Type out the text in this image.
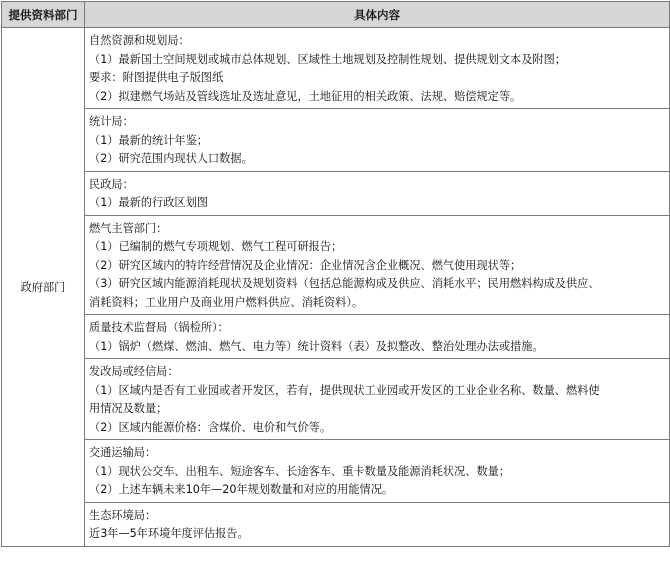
提供资料部门	具体内容
政府部门	自然资源和规划局：
（1）最新国土空间规划或城市总体规划、区域性土地规划及控制性规划、提供规划文本及附图；
要求：附图提供电子版图纸
（2）拟建燃气场站及管线选址及选址意见，土地征用的相关政策、法规、赔偿规定等。

	统计局：
（1）最新的统计年鉴；
（2）研究范围内现状人口数据。

	民政局：
（1）最新的行政区划图

	燃气主管部门：
（1）已编制的燃气专项规划、燃气工程可研报告；
（2）研究区域内的特许经营情况及企业情况：企业情况含企业概况、燃气使用现状等；
（3）研究区域内能源消耗现状及规划资料（包括总能源构成及供应、消耗水平；民用燃料构成及供应、
消耗资料；工业用户及商业用户燃料供应、消耗资料）。

	质量技术监督局（锅检所）：
（1）锅炉（燃煤、燃油、燃气、电力等）统计资料（表）及拟整改、整治处理办法或措施。

	发改局或经信局：
（1）区域内是否有工业园或者开发区，若有，提供现状工业园或开发区的工业企业名称、数量、燃料使
用情况及数量；
（2）区域内能源价格：含煤价、电价和气价等。

	交通运输局：
（1）现状公交车、出租车、短途客车、长途客车、重卡数量及能源消耗状况、数量；
（2）上述车辆未来10年—20年规划数量和对应的用能情况。

	生态环境局：
近3年—5年环境年度评估报告。
